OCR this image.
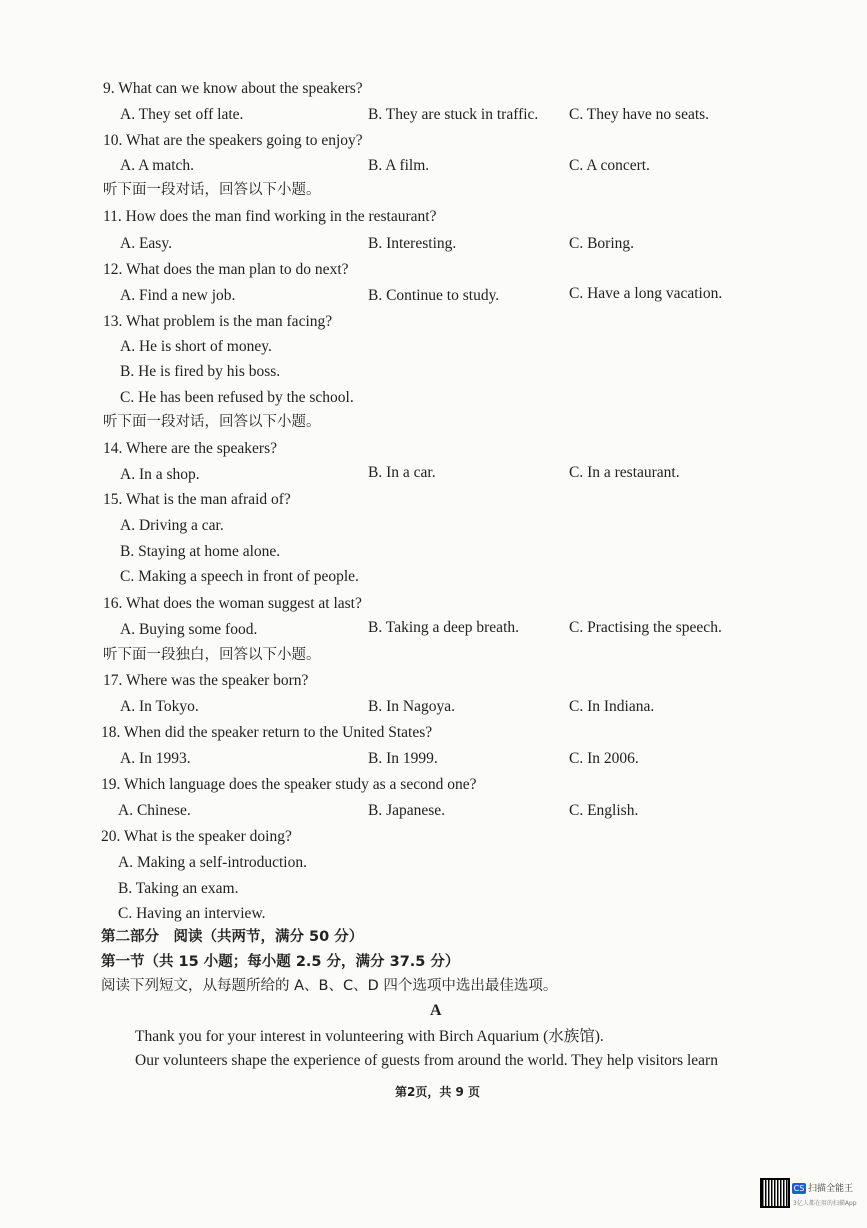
9. What can we know about the speakers?
A. They set off late.	B. They are stuck in traffic. C. They have no seats.
10. What are the speakers going to enjoy?
A. A match.	B. A film.	C. A concert.
听下面一段对话，回答以下小题。
11. How does the man find working in the restaurant?
A. Easy.	B. Interesting.	C. Boring.
12. What does the man plan to do next?
A. Find a new job.	B. Continue to study.	C. Have a long vacation.
13. What problem is the man facing?
A. He is short of money.
B. He is fired by his boss.
C. He has been refused by the school.
听下面一段对话，回答以下小题。
14. Where are the speakers?
A. In a shop.	B. In a car.	C. In a restaurant.
15. What is the man afraid of?
A. Driving a car.
B. Staying at home alone.
C. Making a speech in front of people.
16. What does the woman suggest at last?
A. Buying some food.	B. Taking a deep breath.	C. Practising the speech.
听下面一段独白，回答以下小题。
17. Where was the speaker born?
A. In Tokyo.	B. In Nagoya.	C. In Indiana.
18. When did the speaker return to the United States?
A. In 1993.	B. In 1999.	C. In 2006.
19. Which language does the speaker study as a second one?
A. Chinese.	B. Japanese.	C. English.
20. What is the speaker doing?
A. Making a self-introduction.
B. Taking an exam.
C. Having an interview.
第二部分　阅读（共两节，满分 50 分）
第一节（共 15 小题；每小题 2.5 分，满分 37.5 分）
阅读下列短文，从每题所给的 A、B、C、D 四个选项中选出最佳选项。
A
Thank you for your interest in volunteering with Birch Aquarium (水族馆).
Our volunteers shape the experience of guests from around the world. They help visitors learn
第2页，共 9 页
CS 扫描全能王
3亿人都在用的扫描App
